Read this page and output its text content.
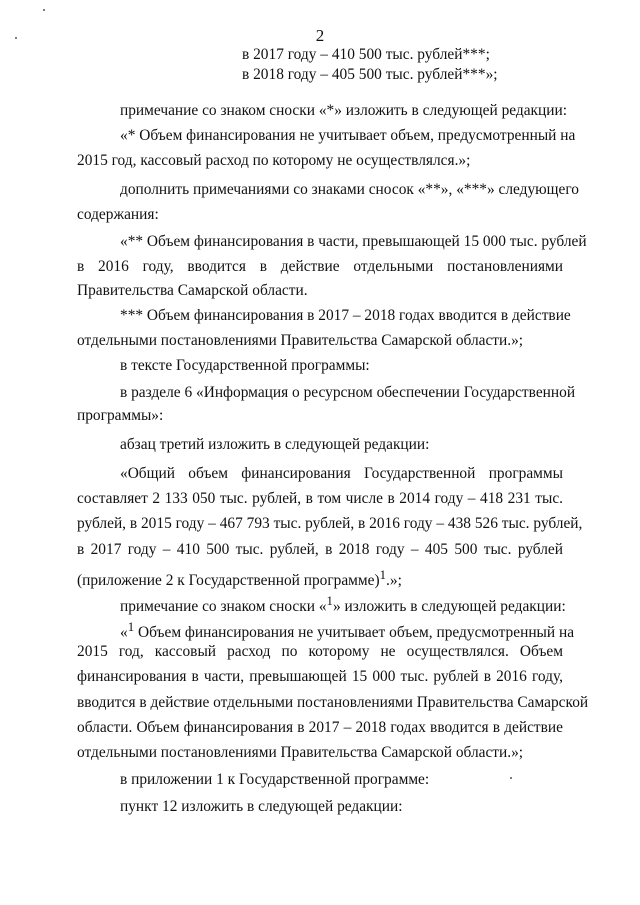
2
в 2017 году – 410 500 тыс. рублей***;
в 2018 году – 405 500 тыс. рублей***»;
примечание со знаком сноски «*» изложить в следующей редакции:
«* Объем финансирования не учитывает объем, предусмотренный на
2015 год, кассовый расход по которому не осуществлялся.»;
дополнить примечаниями со знаками сносок «**», «***» следующего
содержания:
«** Объем финансирования в части, превышающей 15 000 тыс. рублей
в 2016 году, вводится в действие отдельными постановлениями
Правительства Самарской области.
*** Объем финансирования в 2017 – 2018 годах вводится в действие
отдельными постановлениями Правительства Самарской области.»;
в тексте Государственной программы:
в разделе 6 «Информация о ресурсном обеспечении Государственной
программы»:
абзац третий изложить в следующей редакции:
«Общий объем финансирования Государственной программы
составляет 2 133 050 тыс. рублей, в том числе в 2014 году – 418 231 тыс.
рублей, в 2015 году – 467 793 тыс. рублей, в 2016 году – 438 526 тыс. рублей,
в 2017 году – 410 500 тыс. рублей, в 2018 году – 405 500 тыс. рублей
(приложение 2 к Государственной программе)$^1$.»;
примечание со знаком сноски «$^1$» изложить в следующей редакции:
«$^1$ Объем финансирования не учитывает объем, предусмотренный на
2015 год, кассовый расход по которому не осуществлялся. Объем
финансирования в части, превышающей 15 000 тыс. рублей в 2016 году,
вводится в действие отдельными постановлениями Правительства Самарской
области. Объем финансирования в 2017 – 2018 годах вводится в действие
отдельными постановлениями Правительства Самарской области.»;
в приложении 1 к Государственной программе:
пункт 12 изложить в следующей редакции:
